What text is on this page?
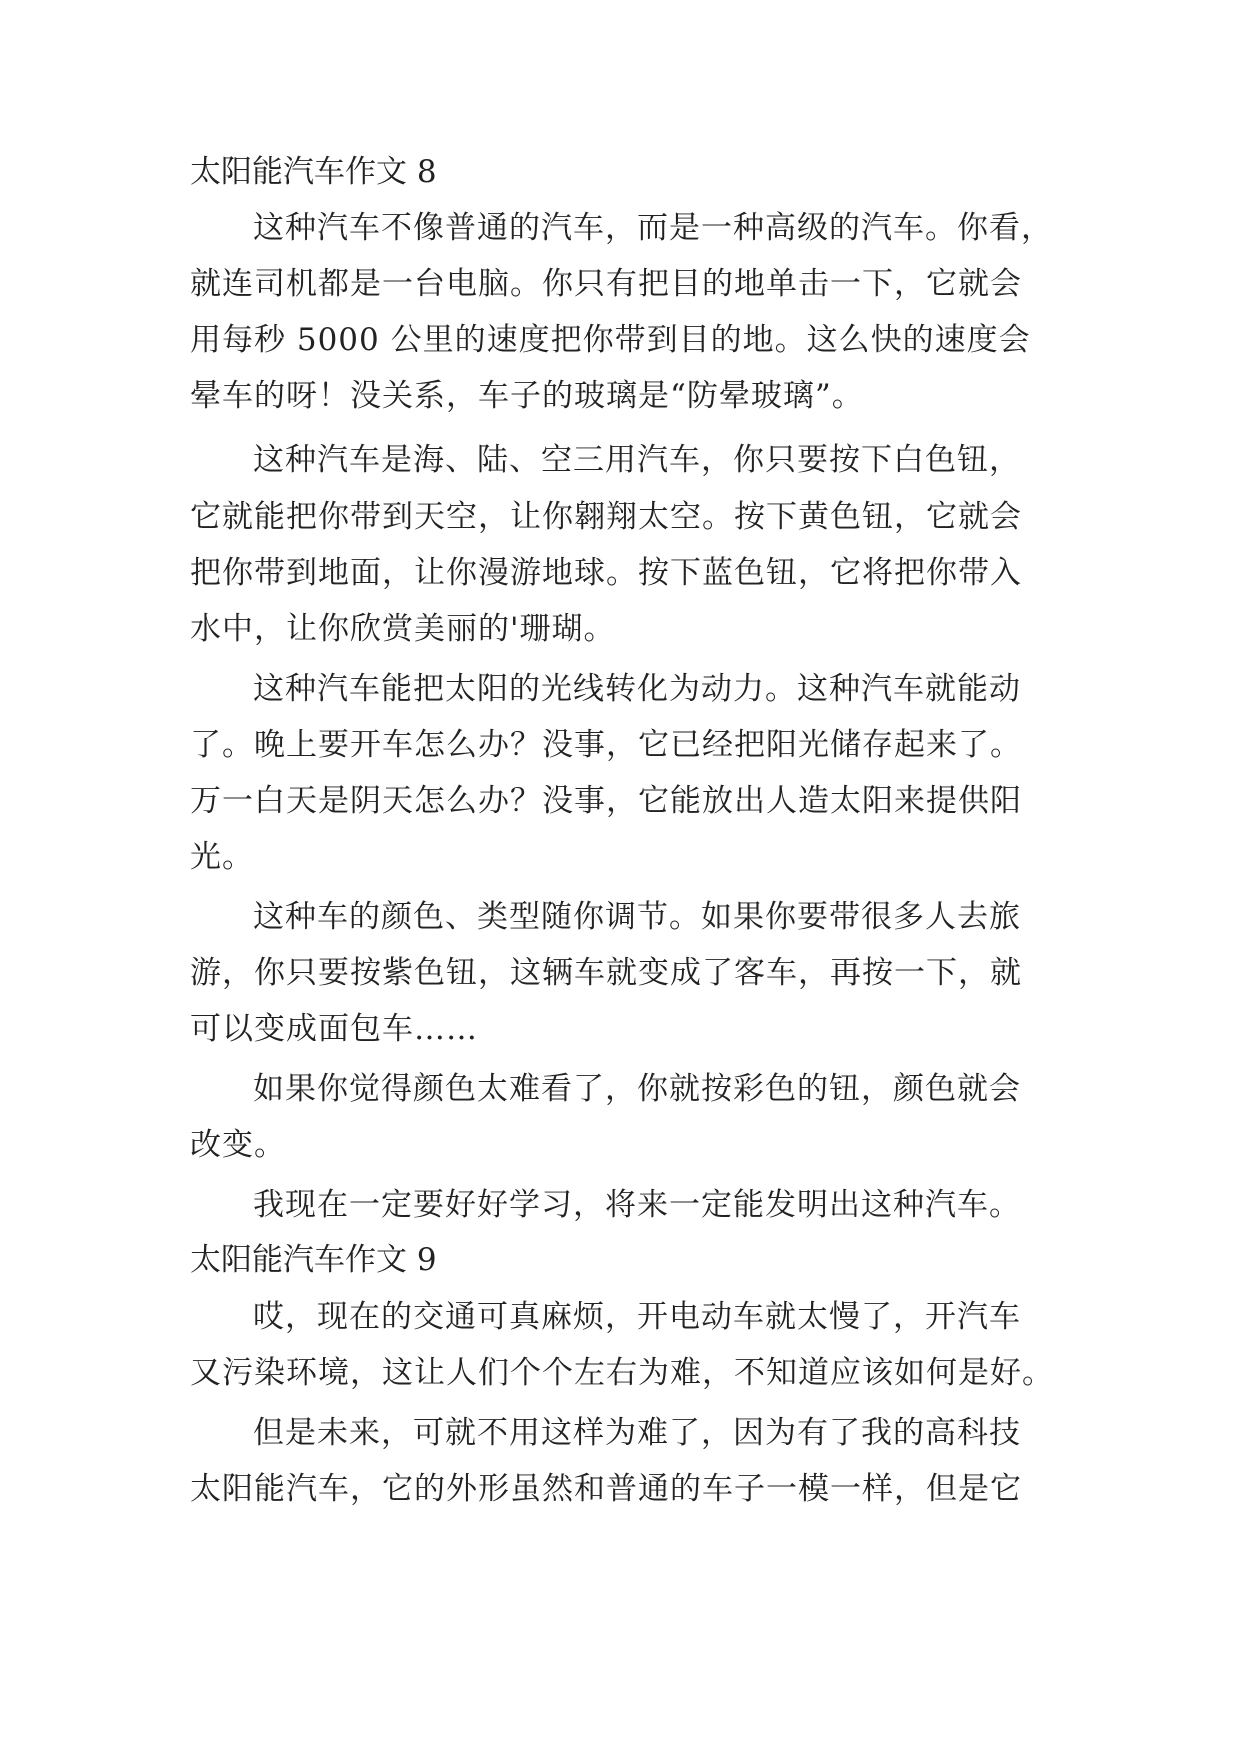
太阳能汽车作文 8
这种汽车不像普通的汽车，而是一种高级的汽车。你看，
就连司机都是一台电脑。你只有把目的地单击一下，它就会
用每秒 5000 公里的速度把你带到目的地。这么快的速度会
晕车的呀！没关系，车子的玻璃是“防晕玻璃”。
这种汽车是海、陆、空三用汽车，你只要按下白色钮，
它就能把你带到天空，让你翱翔太空。按下黄色钮，它就会
把你带到地面，让你漫游地球。按下蓝色钮，它将把你带入
水中，让你欣赏美丽的'珊瑚。
这种汽车能把太阳的光线转化为动力。这种汽车就能动
了。晚上要开车怎么办？没事，它已经把阳光储存起来了。
万一白天是阴天怎么办？没事，它能放出人造太阳来提供阳
光。
这种车的颜色、类型随你调节。如果你要带很多人去旅
游，你只要按紫色钮，这辆车就变成了客车，再按一下，就
可以变成面包车……
如果你觉得颜色太难看了，你就按彩色的钮，颜色就会
改变。
我现在一定要好好学习，将来一定能发明出这种汽车。
太阳能汽车作文 9
哎，现在的交通可真麻烦，开电动车就太慢了，开汽车
又污染环境，这让人们个个左右为难，不知道应该如何是好。
但是未来，可就不用这样为难了，因为有了我的高科技
太阳能汽车，它的外形虽然和普通的车子一模一样，但是它
